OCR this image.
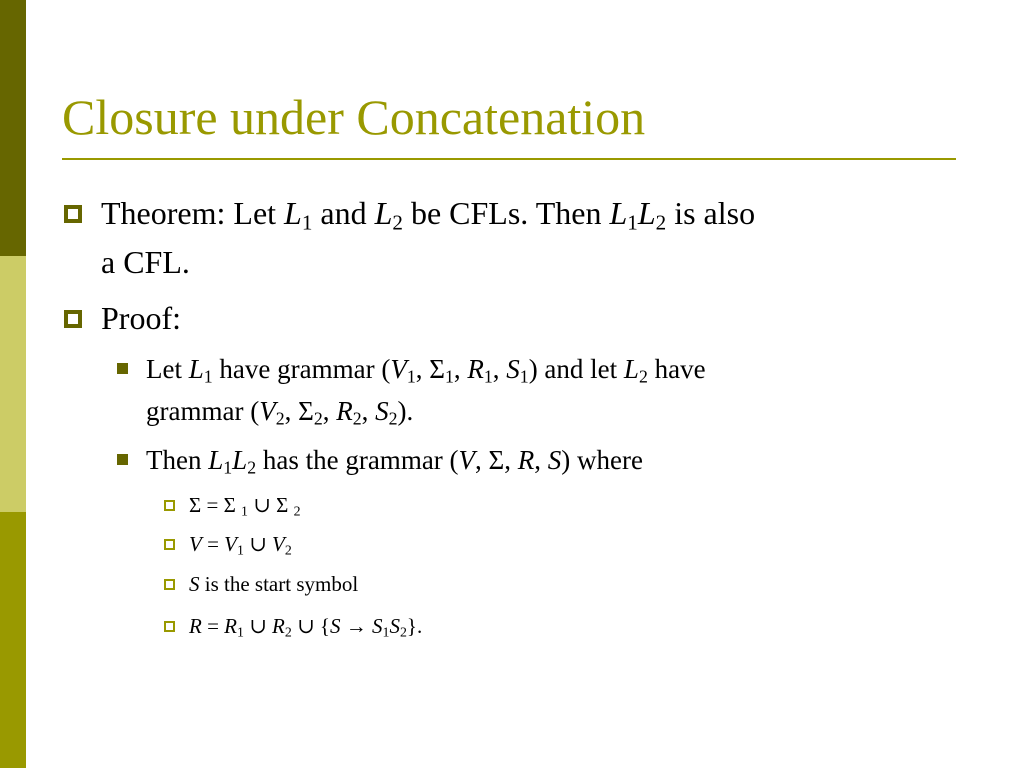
Closure under Concatenation
Theorem: Let $L_1$ and $L_2$ be CFLs. Then $L_1L_2$ is also
a CFL.
Proof:
Let $L_1$ have grammar ($V_1$, $\Sigma_1$, $R_1$, $S_1$) and let $L_2$ have
grammar ($V_2$, $\Sigma_2$, $R_2$, $S_2$).
Then $L_1L_2$ has the grammar (V, Σ, R, S) where
Σ = Σ $_1$ ∪ Σ $_2$
$V = V_1$ ∪ $V_2$
S is the start symbol
$R = R_1$ ∪ $R_2$ ∪ $\{S \to S_1S_2\}$.
